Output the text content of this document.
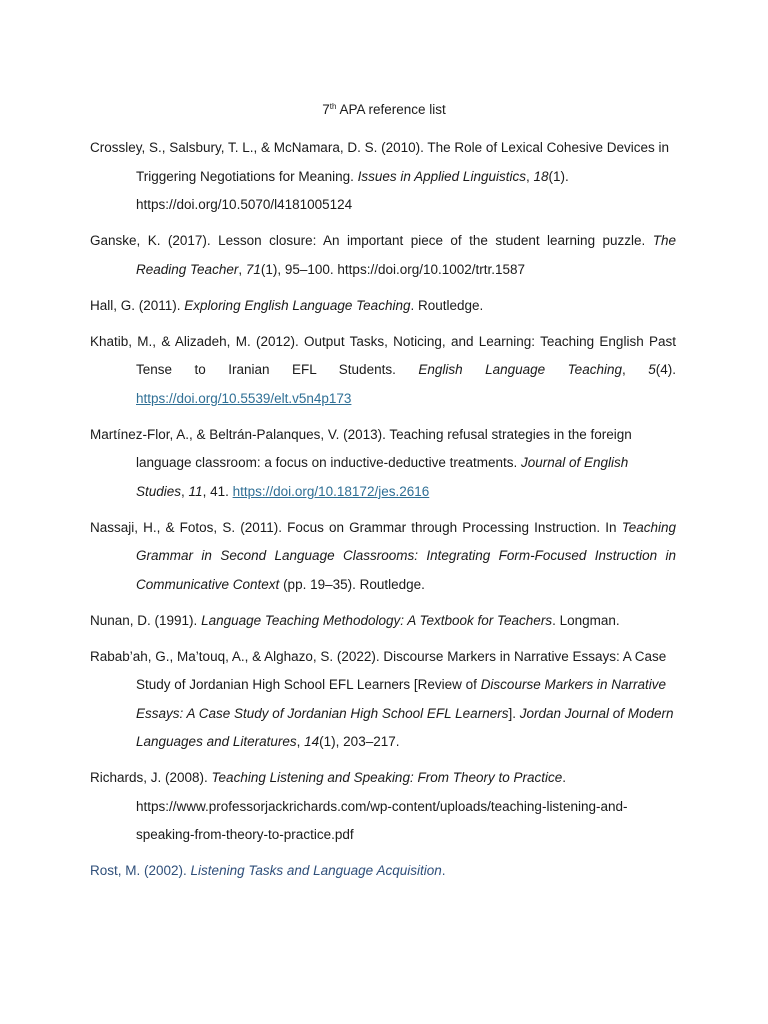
7th APA reference list

Crossley, S., Salsbury, T. L., & McNamara, D. S. (2010). The Role of Lexical Cohesive Devices in Triggering Negotiations for Meaning. Issues in Applied Linguistics, 18(1). https://doi.org/10.5070/l4181005124

Ganske, K. (2017). Lesson closure: An important piece of the student learning puzzle. The Reading Teacher, 71(1), 95–100. https://doi.org/10.1002/trtr.1587

Hall, G. (2011). Exploring English Language Teaching. Routledge.

Khatib, M., & Alizadeh, M. (2012). Output Tasks, Noticing, and Learning: Teaching English Past Tense to Iranian EFL Students. English Language Teaching, 5(4). https://doi.org/10.5539/elt.v5n4p173

Martínez-Flor, A., & Beltrán-Palanques, V. (2013). Teaching refusal strategies in the foreign language classroom: a focus on inductive-deductive treatments. Journal of English Studies, 11, 41. https://doi.org/10.18172/jes.2616

Nassaji, H., & Fotos, S. (2011). Focus on Grammar through Processing Instruction. In Teaching Grammar in Second Language Classrooms: Integrating Form-Focused Instruction in Communicative Context (pp. 19–35). Routledge.

Nunan, D. (1991). Language Teaching Methodology: A Textbook for Teachers. Longman.

Rabab’ah, G., Ma’touq, A., & Alghazo, S. (2022). Discourse Markers in Narrative Essays: A Case Study of Jordanian High School EFL Learners [Review of Discourse Markers in Narrative Essays: A Case Study of Jordanian High School EFL Learners]. Jordan Journal of Modern Languages and Literatures, 14(1), 203–217.

Richards, J. (2008). Teaching Listening and Speaking: From Theory to Practice. https://www.professorjackrichards.com/wp-content/uploads/teaching-listening-and-speaking-from-theory-to-practice.pdf

Rost, M. (2002). Listening Tasks and Language Acquisition.
